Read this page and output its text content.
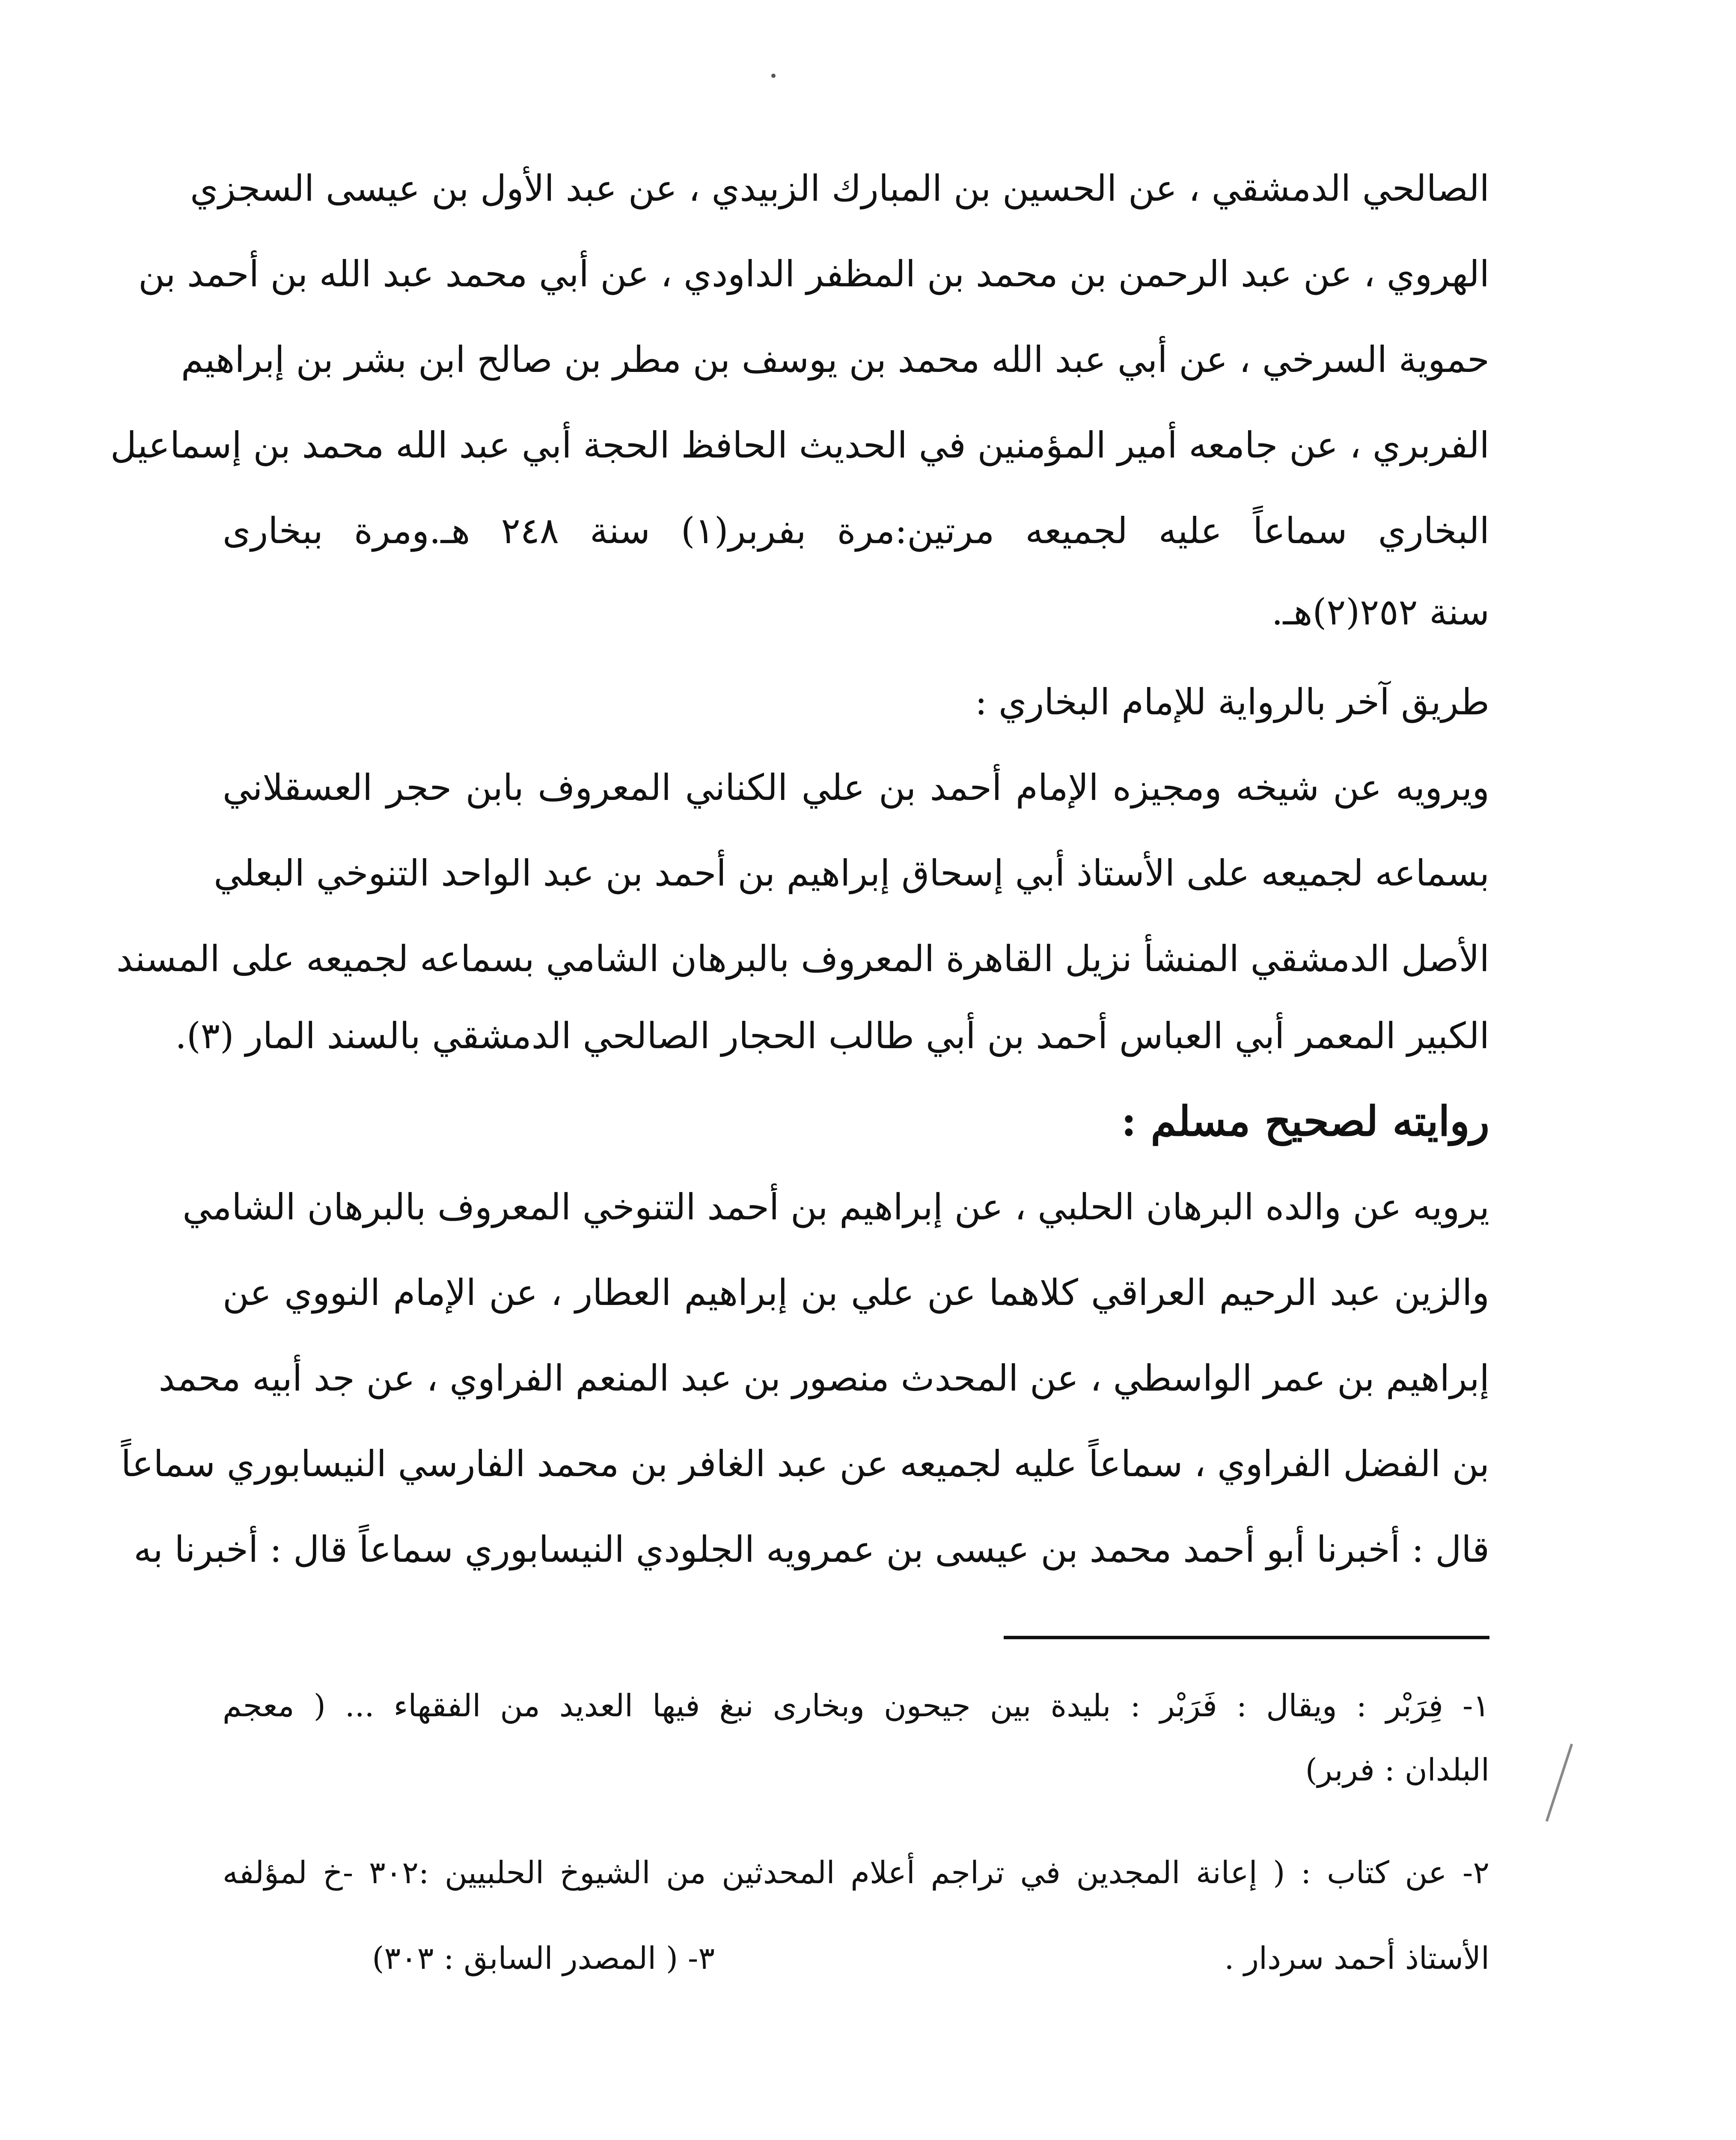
الصالحي الدمشقي ، عن الحسين بن المبارك الزبيدي ، عن عبد الأول بن عيسى السجزي
الهروي ، عن عبد الرحمن بن محمد بن المظفر الداودي ، عن أبي محمد عبد الله بن أحمد بن
حموية السرخي ، عن أبي عبد الله محمد بن يوسف بن مطر بن صالح ابن بشر بن إبراهيم
الفربري ، عن جامعه أمير المؤمنين في الحديث الحافظ الحجة أبي عبد الله محمد بن إسماعيل
البخاري سماعاً عليه لجميعه مرتين:مرة بفربر(١) سنة ٢٤٨ هـ.ومرة ببخارى
سنة ٢٥٢(٢)هـ.
طريق آخر بالرواية للإمام البخاري :
ويرويه عن شيخه ومجيزه الإمام أحمد بن علي الكناني المعروف بابن حجر العسقلاني
بسماعه لجميعه على الأستاذ أبي إسحاق إبراهيم بن أحمد بن عبد الواحد التنوخي البعلي
الأصل الدمشقي المنشأ نزيل القاهرة المعروف بالبرهان الشامي بسماعه لجميعه على المسند
الكبير المعمر أبي العباس أحمد بن أبي طالب الحجار الصالحي الدمشقي بالسند المار (٣).
روايته لصحيح مسلم :
يرويه عن والده البرهان الحلبي ، عن إبراهيم بن أحمد التنوخي المعروف بالبرهان الشامي
والزين عبد الرحيم العراقي كلاهما عن علي بن إبراهيم العطار ، عن الإمام النووي عن
إبراهيم بن عمر الواسطي ، عن المحدث منصور بن عبد المنعم الفراوي ، عن جد أبيه محمد
بن الفضل الفراوي ، سماعاً عليه لجميعه عن عبد الغافر بن محمد الفارسي النيسابوري سماعاً
قال : أخبرنا أبو أحمد محمد بن عيسى بن عمرويه الجلودي النيسابوري سماعاً قال : أخبرنا به
١- فِرَبْر : ويقال : فَرَبْر : بليدة بين جيحون وبخارى نبغ فيها العديد من الفقهاء ... ( معجم
البلدان : فربر)
٢- عن كتاب : ( إعانة المجدين في تراجم أعلام المحدثين من الشيوخ الحلبيين :٣٠٢ -خ لمؤلفه
الأستاذ أحمد سردار .
٣- ( المصدر السابق : ٣٠٣)
